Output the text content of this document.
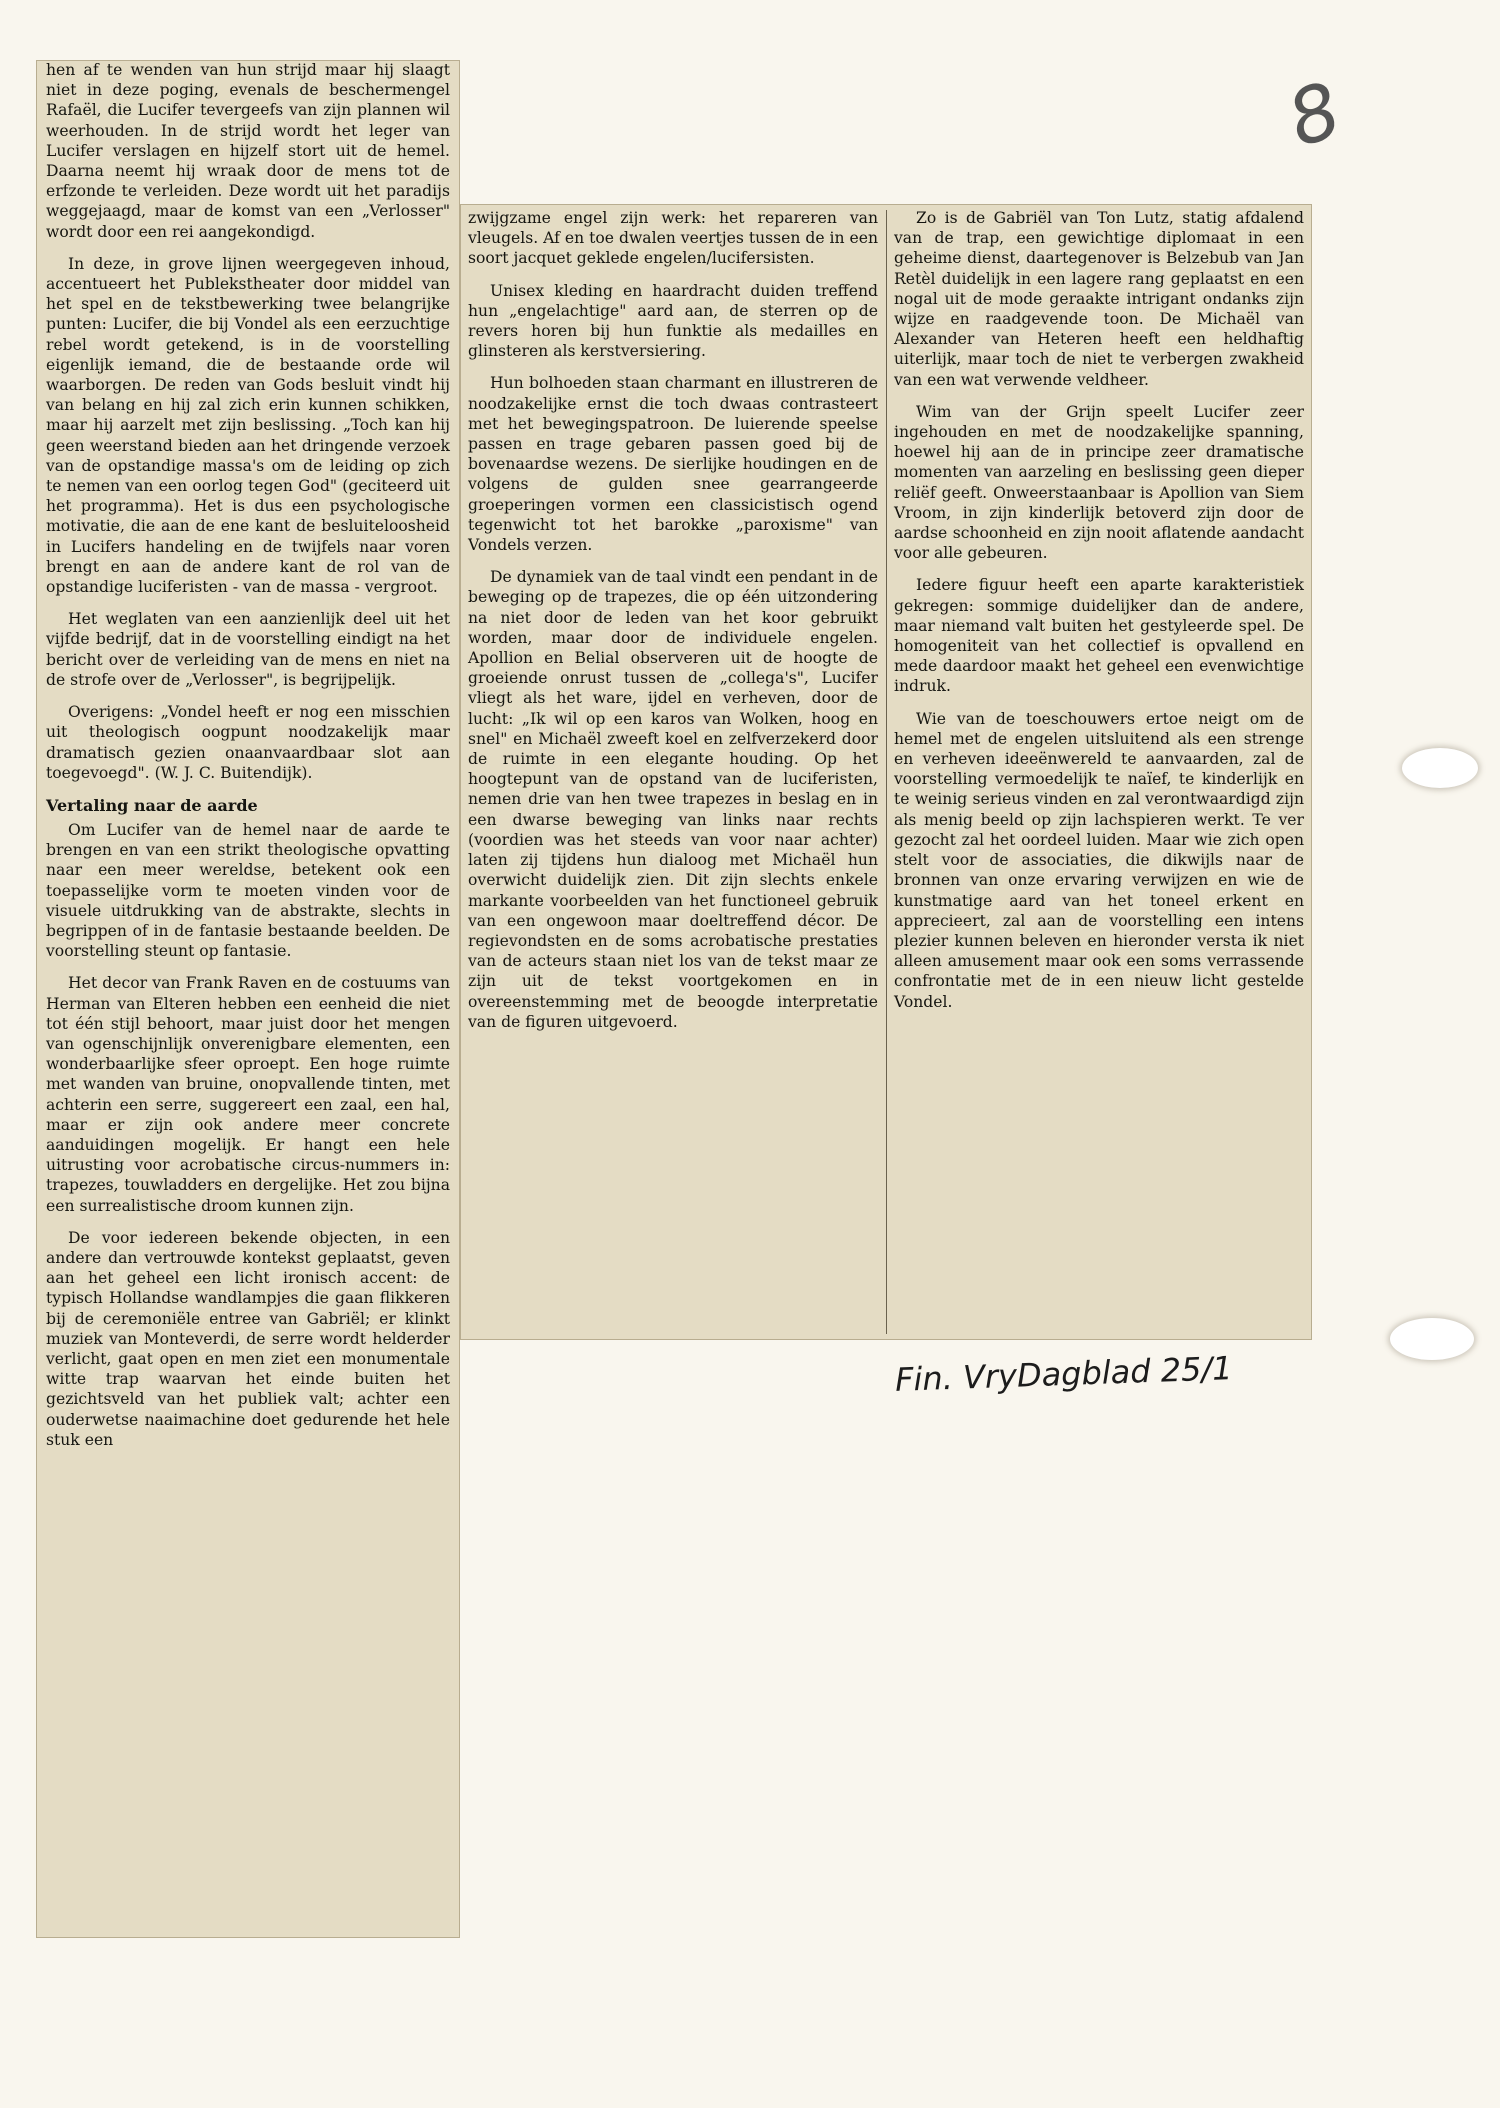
8

hen af te wenden van hun strijd maar hij slaagt niet in deze poging, evenals de beschermengel Rafaël, die Lucifer tevergeefs van zijn plannen wil weerhouden. In de strijd wordt het leger van Lucifer verslagen en hijzelf stort uit de hemel. Daarna neemt hij wraak door de mens tot de erfzonde te verleiden. Deze wordt uit het paradijs weggejaagd, maar de komst van een „Verlosser" wordt door een rei aangekondigd.

In deze, in grove lijnen weergegeven inhoud, accentueert het Publekstheater door middel van het spel en de tekstbewerking twee belangrijke punten: Lucifer, die bij Vondel als een eerzuchtige rebel wordt getekend, is in de voorstelling eigenlijk iemand, die de bestaande orde wil waarborgen. De reden van Gods besluit vindt hij van belang en hij zal zich erin kunnen schikken, maar hij aarzelt met zijn beslissing. „Toch kan hij geen weerstand bieden aan het dringende verzoek van de opstandige massa's om de leiding op zich te nemen van een oorlog tegen God" (geciteerd uit het programma). Het is dus een psychologische motivatie, die aan de ene kant de besluiteloosheid in Lucifers handeling en de twijfels naar voren brengt en aan de andere kant de rol van de opstandige luciferisten - van de massa - vergroot.

Het weglaten van een aanzienlijk deel uit het vijfde bedrijf, dat in de voorstelling eindigt na het bericht over de verleiding van de mens en niet na de strofe over de „Verlosser", is begrijpelijk.

Overigens: „Vondel heeft er nog een misschien uit theologisch oogpunt noodzakelijk maar dramatisch gezien onaanvaardbaar slot aan toegevoegd". (W. J. C. Buitendijk).

Vertaling naar de aarde

Om Lucifer van de hemel naar de aarde te brengen en van een strikt theologische opvatting naar een meer wereldse, betekent ook een toepasselijke vorm te moeten vinden voor de visuele uitdrukking van de abstrakte, slechts in begrippen of in de fantasie bestaande beelden. De voorstelling steunt op fantasie.

Het decor van Frank Raven en de costuums van Herman van Elteren hebben een eenheid die niet tot één stijl behoort, maar juist door het mengen van ogenschijnlijk onverenigbare elementen, een wonderbaarlijke sfeer oproept. Een hoge ruimte met wanden van bruine, onopvallende tinten, met achterin een serre, suggereert een zaal, een hal, maar er zijn ook andere meer concrete aanduidingen mogelijk. Er hangt een hele uitrusting voor acrobatische circus-nummers in: trapezes, touwladders en dergelijke. Het zou bijna een surrealistische droom kunnen zijn.

De voor iedereen bekende objecten, in een andere dan vertrouwde kontekst geplaatst, geven aan het geheel een licht ironisch accent: de typisch Hollandse wandlampjes die gaan flikkeren bij de ceremoniële entree van Gabriël; er klinkt muziek van Monteverdi, de serre wordt helderder verlicht, gaat open en men ziet een monumentale witte trap waarvan het einde buiten het gezichtsveld van het publiek valt; achter een ouderwetse naaimachine doet gedurende het hele stuk een

zwijgzame engel zijn werk: het repareren van vleugels. Af en toe dwalen veertjes tussen de in een soort jacquet geklede engelen/lucifersisten.

Unisex kleding en haardracht duiden treffend hun „engelachtige" aard aan, de sterren op de revers horen bij hun funktie als medailles en glinsteren als kerstversiering.

Hun bolhoeden staan charmant en illustreren de noodzakelijke ernst die toch dwaas contrasteert met het bewegingspatroon. De luierende speelse passen en trage gebaren passen goed bij de bovenaardse wezens. De sierlijke houdingen en de volgens de gulden snee gearrangeerde groeperingen vormen een classicistisch ogend tegenwicht tot het barokke „paroxisme" van Vondels verzen.

De dynamiek van de taal vindt een pendant in de beweging op de trapezes, die op één uitzondering na niet door de leden van het koor gebruikt worden, maar door de individuele engelen. Apollion en Belial observeren uit de hoogte de groeiende onrust tussen de „collega's", Lucifer vliegt als het ware, ijdel en verheven, door de lucht: „Ik wil op een karos van Wolken, hoog en snel" en Michaël zweeft koel en zelfverzekerd door de ruimte in een elegante houding. Op het hoogtepunt van de opstand van de luciferisten, nemen drie van hen twee trapezes in beslag en in een dwarse beweging van links naar rechts (voordien was het steeds van voor naar achter) laten zij tijdens hun dialoog met Michaël hun overwicht duidelijk zien. Dit zijn slechts enkele markante voorbeelden van het functioneel gebruik van een ongewoon maar doeltreffend décor. De regievondsten en de soms acrobatische prestaties van de acteurs staan niet los van de tekst maar ze zijn uit de tekst voortgekomen en in overeenstemming met de beoogde interpretatie van de figuren uitgevoerd.

Zo is de Gabriël van Ton Lutz, statig afdalend van de trap, een gewichtige diplomaat in een geheime dienst, daartegenover is Belzebub van Jan Retèl duidelijk in een lagere rang geplaatst en een nogal uit de mode geraakte intrigant ondanks zijn wijze en raadgevende toon. De Michaël van Alexander van Heteren heeft een heldhaftig uiterlijk, maar toch de niet te verbergen zwakheid van een wat verwende veldheer.

Wim van der Grijn speelt Lucifer zeer ingehouden en met de noodzakelijke spanning, hoewel hij aan de in principe zeer dramatische momenten van aarzeling en beslissing geen dieper reliëf geeft. Onweerstaanbaar is Apollion van Siem Vroom, in zijn kinderlijk betoverd zijn door de aardse schoonheid en zijn nooit aflatende aandacht voor alle gebeuren.

Iedere figuur heeft een aparte karakteristiek gekregen: sommige duidelijker dan de andere, maar niemand valt buiten het gestyleerde spel. De homogeniteit van het collectief is opvallend en mede daardoor maakt het geheel een evenwichtige indruk.

Wie van de toeschouwers ertoe neigt om de hemel met de engelen uitsluitend als een strenge en verheven ideeënwereld te aanvaarden, zal de voorstelling vermoedelijk te naïef, te kinderlijk en te weinig serieus vinden en zal verontwaardigd zijn als menig beeld op zijn lachspieren werkt. Te ver gezocht zal het oordeel luiden. Maar wie zich open stelt voor de associaties, die dikwijls naar de bronnen van onze ervaring verwijzen en wie de kunstmatige aard van het toneel erkent en apprecieert, zal aan de voorstelling een intens plezier kunnen beleven en hieronder versta ik niet alleen amusement maar ook een soms verrassende confrontatie met de in een nieuw licht gestelde Vondel.

Fin. VryDagblad 25/1
